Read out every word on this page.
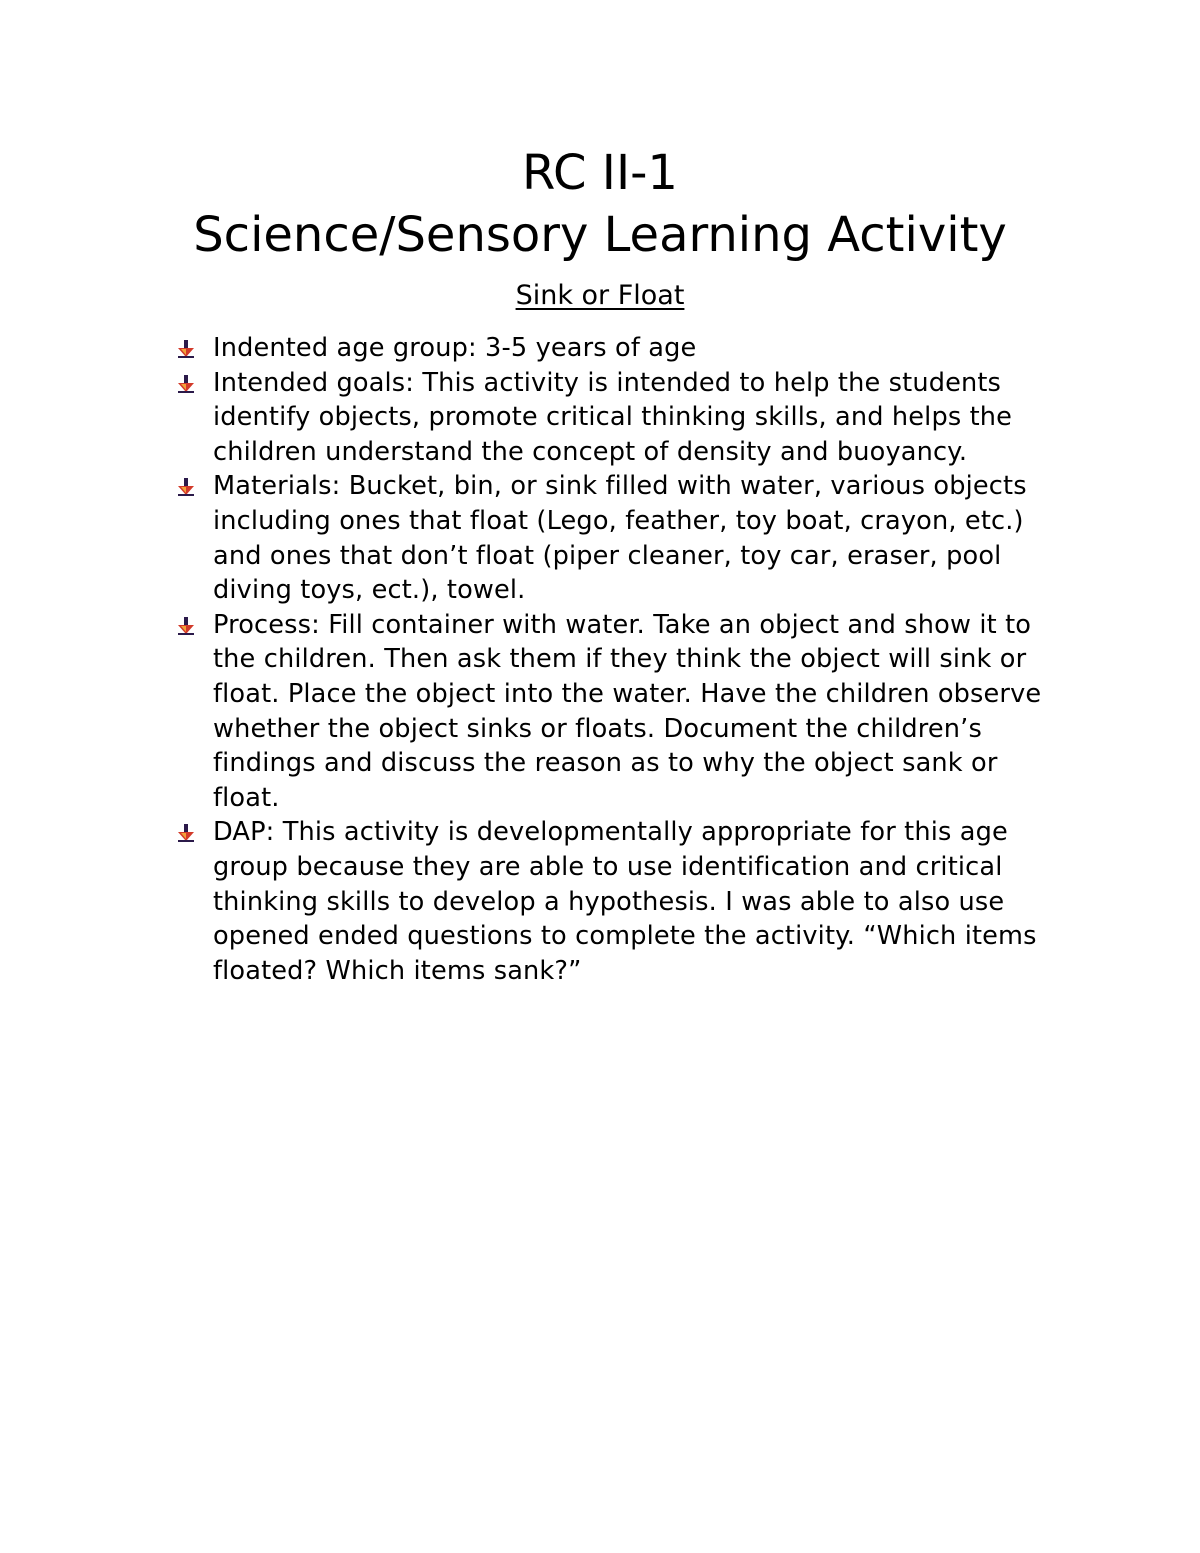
RC II-1
Science/Sensory Learning Activity
Sink or Float
Indented age group: 3-5 years of age
Intended goals: This activity is intended to help the students identify objects, promote critical thinking skills, and helps the children understand the concept of density and buoyancy.
Materials: Bucket, bin, or sink filled with water, various objects including ones that float (Lego, feather, toy boat, crayon, etc.) and ones that don’t float (piper cleaner, toy car, eraser, pool diving toys, ect.), towel.
Process: Fill container with water. Take an object and show it to the children. Then ask them if they think the object will sink or float. Place the object into the water. Have the children observe whether the object sinks or floats. Document the children’s findings and discuss the reason as to why the object sank or float.
DAP: This activity is developmentally appropriate for this age group because they are able to use identification and critical thinking skills to develop a hypothesis. I was able to also use opened ended questions to complete the activity. “Which items floated? Which items sank?”
